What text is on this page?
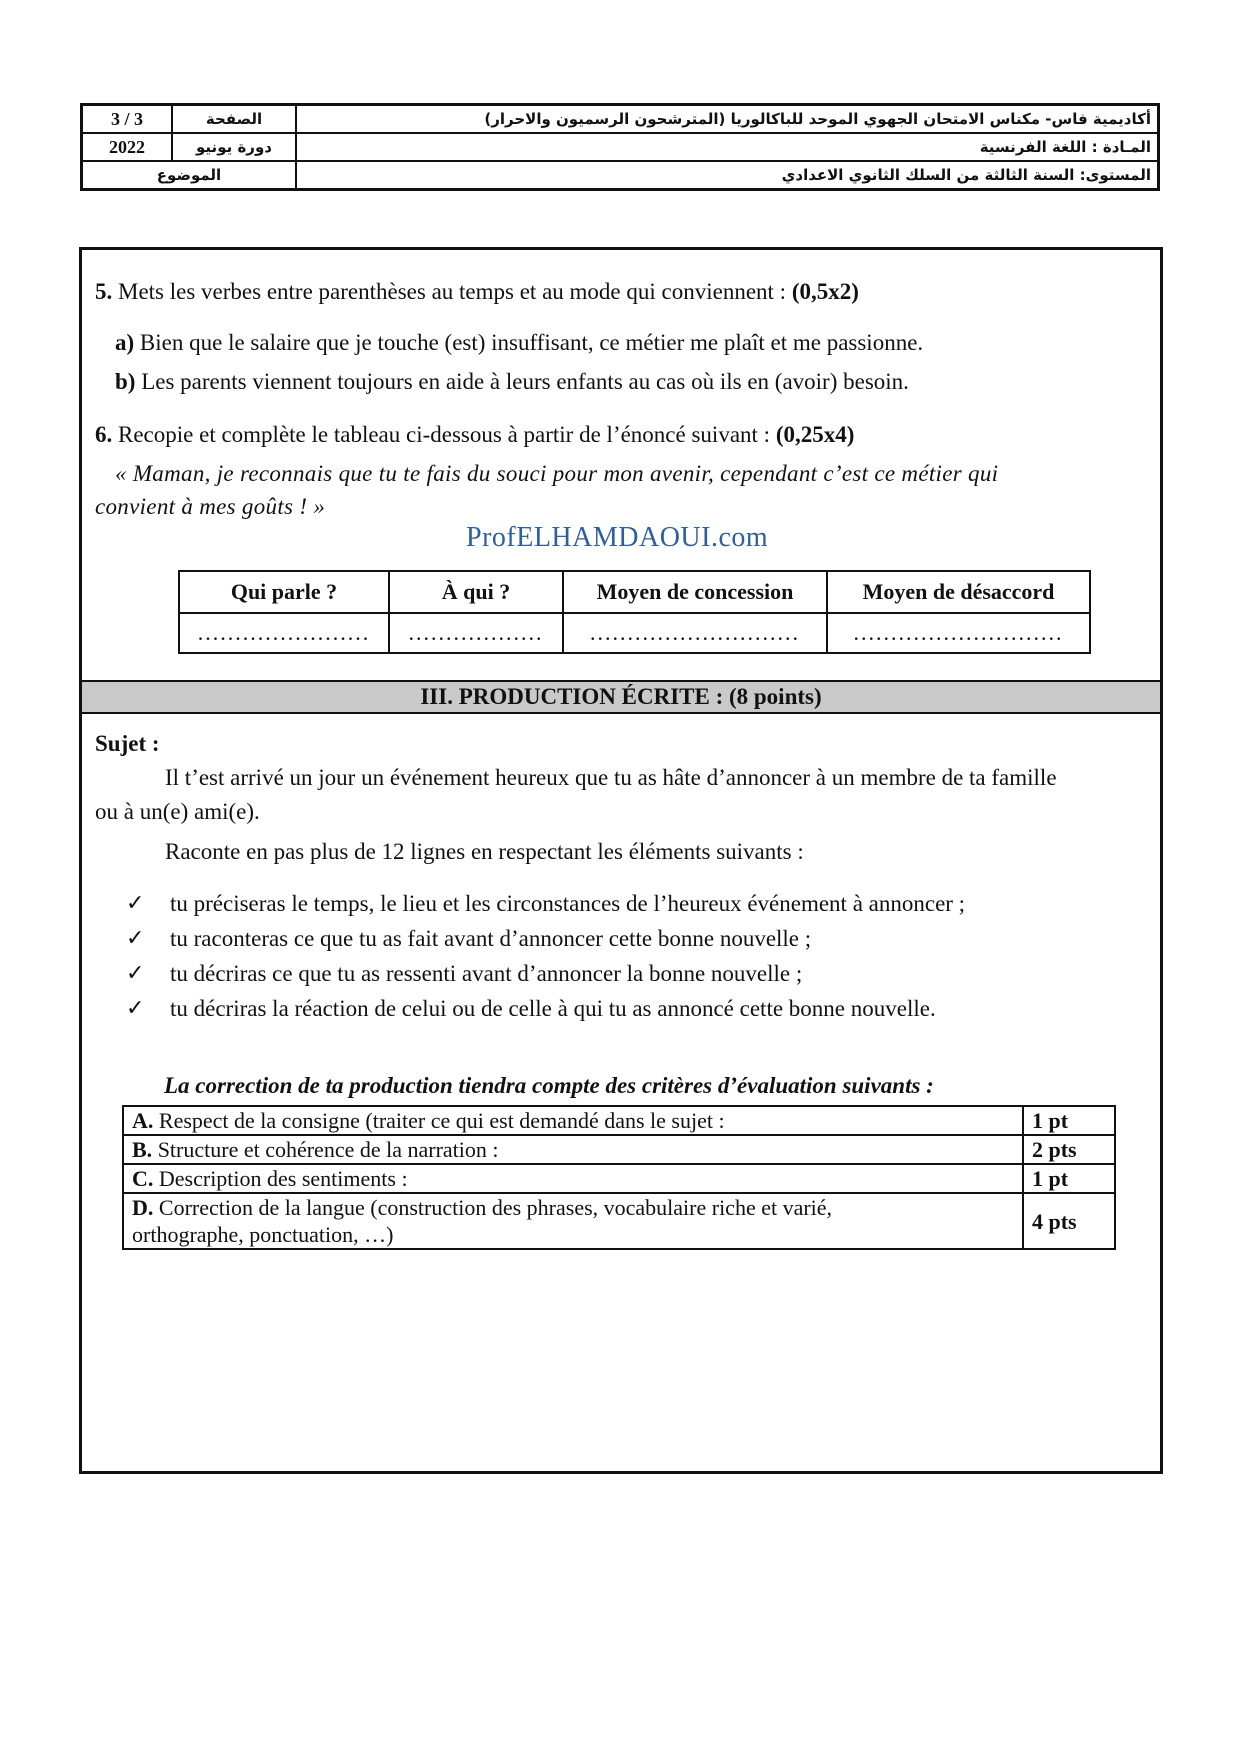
3 / 3	الصفحة	أكاديمية فاس- مكناس الامتحان الجهوي الموحد للباكالوريا (المترشحون الرسميون والاحرار)
2022	دورة يونيو	المـادة : اللغة الفرنسية
الموضوع		المستوى: السنة الثالثة من السلك الثانوي الاعدادي
5. Mets les verbes entre parenthèses au temps et au mode qui conviennent : (0,5x2)
a) Bien que le salaire que je touche (est) insuffisant, ce métier me plaît et me passionne.
b) Les parents viennent toujours en aide à leurs enfants au cas où ils en (avoir) besoin.
6. Recopie et complète le tableau ci-dessous à partir de l’énoncé suivant : (0,25x4)
« Maman, je reconnais que tu te fais du souci pour mon avenir, cependant c’est ce métier qui
convient à mes goûts ! »
ProfELHAMDAOUI.com
Qui parle ?	À qui ?	Moyen de concession	Moyen de désaccord
.......................	..................	............................	............................
III. PRODUCTION ÉCRITE : (8 points)
Sujet :
Il t’est arrivé un jour un événement heureux que tu as hâte d’annoncer à un membre de ta famille
ou à un(e) ami(e).
Raconte en pas plus de 12 lignes en respectant les éléments suivants :
✓ tu préciseras le temps, le lieu et les circonstances de l’heureux événement à annoncer ;
✓ tu raconteras ce que tu as fait avant d’annoncer cette bonne nouvelle ;
✓ tu décriras ce que tu as ressenti avant d’annoncer la bonne nouvelle ;
✓ tu décriras la réaction de celui ou de celle à qui tu as annoncé cette bonne nouvelle.
La correction de ta production tiendra compte des critères d’évaluation suivants :
A. Respect de la consigne (traiter ce qui est demandé dans le sujet :	1 pt
B. Structure et cohérence de la narration :	2 pts
C. Description des sentiments :	1 pt
D. Correction de la langue (construction des phrases, vocabulaire riche et varié,
orthographe, ponctuation, …)	4 pts
